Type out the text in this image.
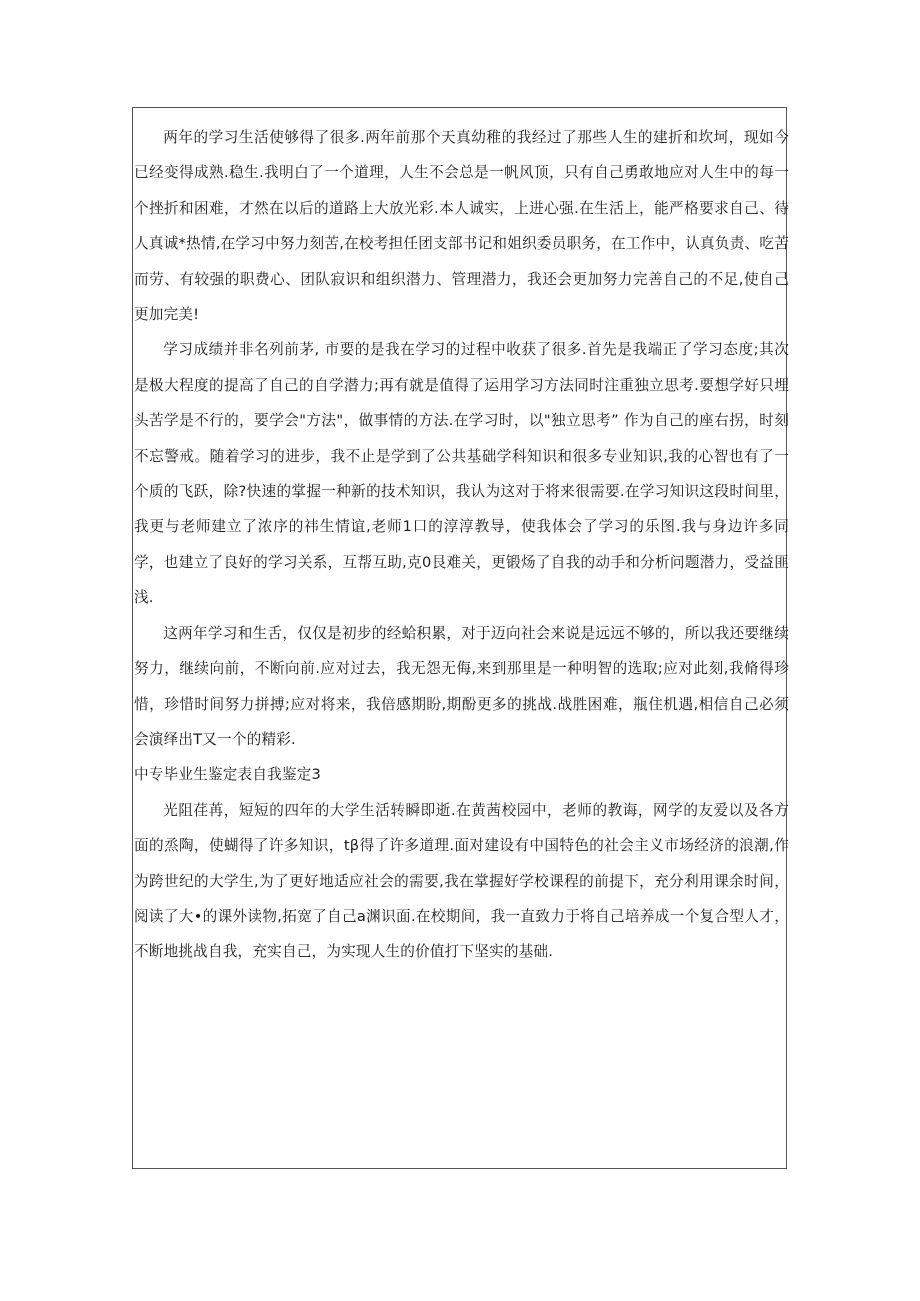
两年的学习生活使够得了很多.两年前那个天真幼稚的我经过了那些人生的建折和坎坷，现如今已经变得成熟.稳生.我明白了一个道理，人生不会总是一帆风顶，只有自己勇敢地应对人生中的每一个挫折和困难，才然在以后的道路上大放光彩.本人诚实，上进心强.在生活上，能严格要求自己、待人真诚*热情,在学习中努力刻苦,在校考担任团支部书记和姐织委员职务，在工作中，认真负责、吃苦而劳、有较强的职费心、团队寂识和组织潜力、管理潜力，我还会更加努力完善自己的不足,使自己更加完美!

学习成绩并非名列前茅, 市要的是我在学习的过程中收获了很多.首先是我端正了学习态度;其次是极大程度的提高了自己的自学潜力;再有就是值得了运用学习方法同时注重独立思考.要想学好只埋头苦学是不行的，要学会"方法"，做事情的方法.在学习时，以"独立思考” 作为自己的座右拐，时刻不忘警戒。随着学习的进步，我不止是学到了公共基础学科知识和很多专业知识,我的心智也有了一个质的飞跃，除?快速的掌握一种新的技术知识，我认为这对于将来很需要.在学习知识这段时间里，我更与老师建立了浓序的祎生情谊,老师1口的淳淳教导，使我体会了学习的乐图.我与身边许多同学，也建立了良好的学习关系，互帮互助,克0艮难关，更锻炀了自我的动手和分析问题潜力，受益匪浅.

这两年学习和生舌，仅仅是初步的经蛤积累，对于迈向社会来说是远远不够的，所以我还要继续努力，继续向前，不断向前.应对过去，我无怨无侮,来到那里是一种明智的选取;应对此刻,我脩得珍惜，珍惜时间努力拼搏;应对将来，我倍感期盼,期酚更多的挑战.战胜困难，瓶住机遇,相信自己必须会演绎出T又一个的精彩.

中专毕业生鉴定表自我鉴定3

光阻荏苒，短短的四年的大学生活转瞬即逝.在黄茜校园中，老师的教诲，网学的友爱以及各方面的烝陶，使蝴得了许多知识，tβ得了许多道理.面对建设有中国特色的社会主义市场经济的浪潮,作为跨世纪的大学生,为了更好地适应社会的需要,我在掌握好学校课程的前提下，充分利用课余时间，阅读了大•的课外读物,拓宽了自己a渊识面.在校期间，我一直致力于将自己培养成一个复合型人才，不断地挑战自我，充实自己，为实现人生的价值打下坚实的基础.
